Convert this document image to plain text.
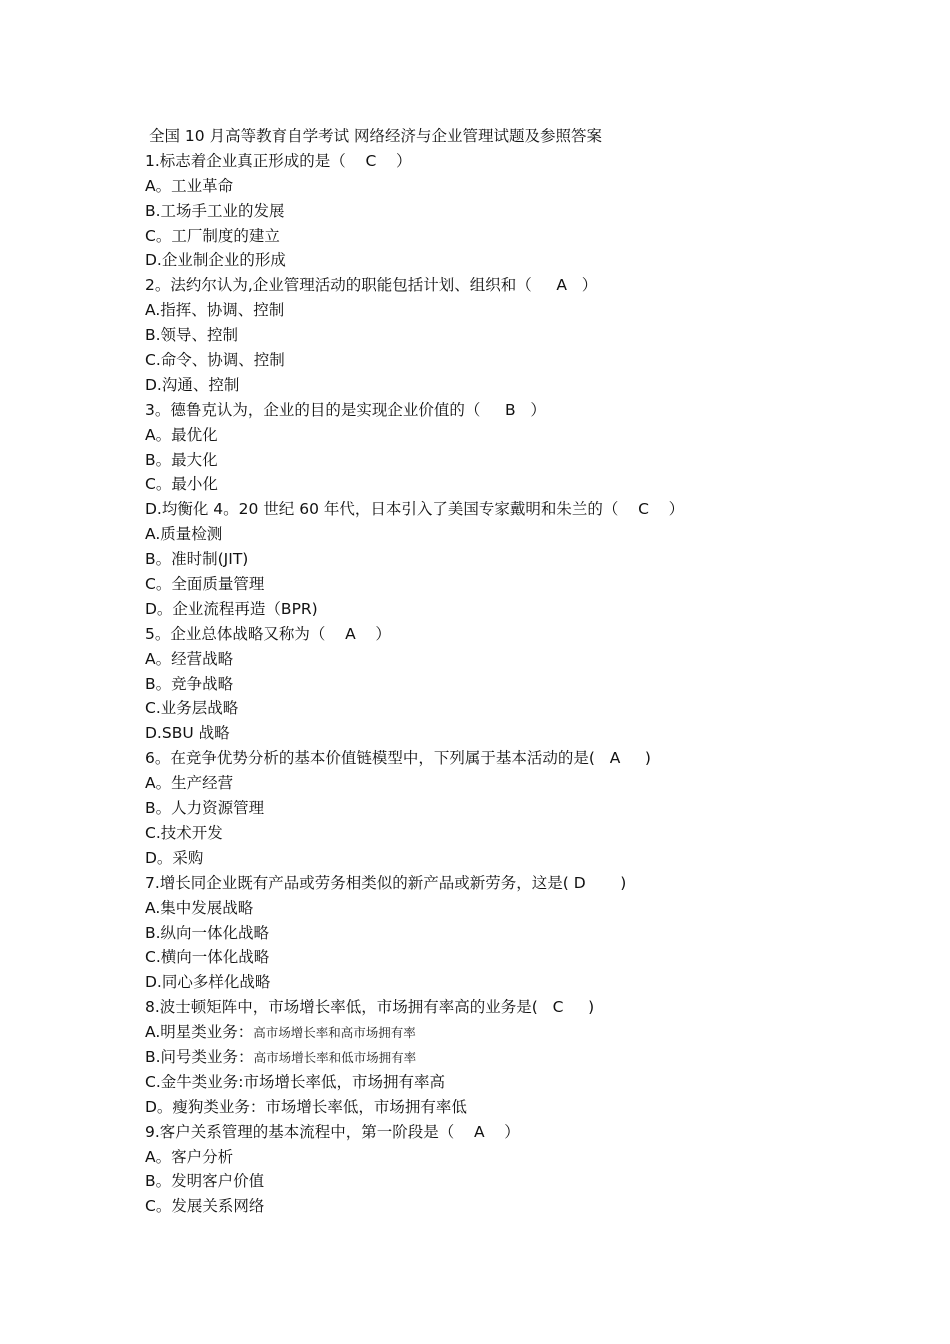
全国 10 月高等教育自学考试 网络经济与企业管理试题及参照答案
1.标志着企业真正形成的是（    C    ）
A。工业革命
B.工场手工业的发展
C。工厂制度的建立
D.企业制企业的形成
2。法约尔认为,企业管理活动的职能包括计划、组织和（     A   ）
A.指挥、协调、控制
B.领导、控制
C.命令、协调、控制
D.沟通、控制
3。德鲁克认为，企业的目的是实现企业价值的（     B   ）
A。最优化
B。最大化
C。最小化
D.均衡化 4。20 世纪 60 年代，日本引入了美国专家戴明和朱兰的（    C    ）
A.质量检测
B。准时制(JIT)
C。全面质量管理
D。企业流程再造（BPR)
5。企业总体战略又称为（    A    ）
A。经营战略
B。竞争战略
C.业务层战略
D.SBU 战略
6。在竞争优势分析的基本价值链模型中，下列属于基本活动的是(   A     )
A。生产经营
B。人力资源管理
C.技术开发
D。采购
7.增长同企业既有产品或劳务相类似的新产品或新劳务，这是( D       )
A.集中发展战略
B.纵向一体化战略
C.横向一体化战略
D.同心多样化战略
8.波士顿矩阵中，市场增长率低，市场拥有率高的业务是(   C     )
A.明星类业务：高市场增长率和高市场拥有率
B.问号类业务：高市场增长率和低市场拥有率
C.金牛类业务:市场增长率低，市场拥有率高
D。瘦狗类业务：市场增长率低，市场拥有率低
9.客户关系管理的基本流程中，第一阶段是（    A    ）
A。客户分析
B。发明客户价值
C。发展关系网络
